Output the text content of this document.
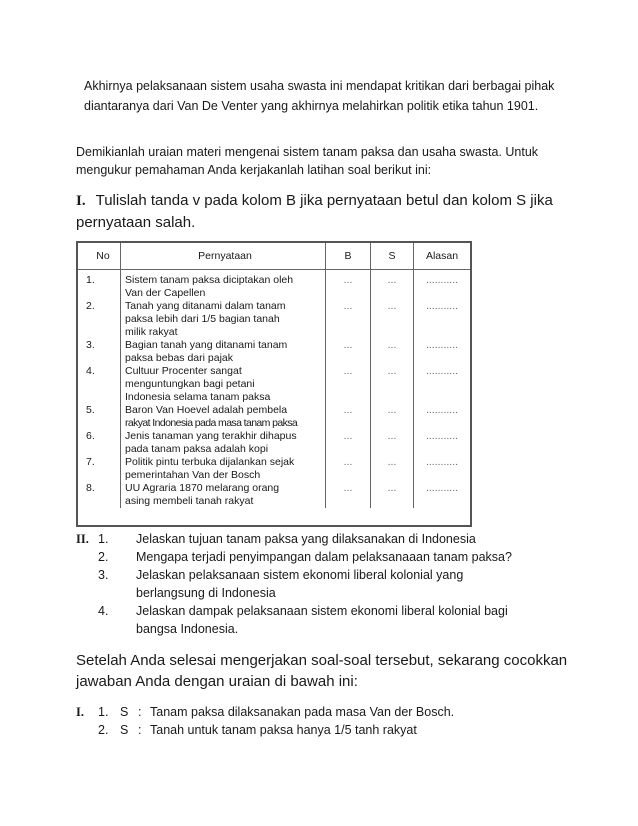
Akhirnya pelaksanaan sistem usaha swasta ini mendapat kritikan dari berbagai pihak diantaranya dari Van De Venter yang akhirnya melahirkan politik etika tahun 1901.
Demikianlah uraian materi mengenai sistem tanam paksa dan usaha swasta. Untuk mengukur pemahaman Anda kerjakanlah latihan soal berikut ini:
I. Tulislah tanda v pada kolom B jika pernyataan betul dan kolom S jika pernyataan salah.
No	Pernyataan	B	S	Alasan
1.	Sistem tanam paksa diciptakan oleh
Van der Capellen	...	...	...........
2.	Tanah yang ditanami dalam tanam
paksa lebih dari 1/5 bagian tanah
milik rakyat	...	...	...........
3.	Bagian tanah yang ditanami tanam
paksa bebas dari pajak	...	...	...........
4.	Cultuur Procenter sangat
menguntungkan bagi petani
Indonesia selama tanam paksa	...	...	...........
5.	Baron Van Hoevel adalah pembela
rakyat Indonesia pada masa tanam paksa	...	...	...........
6.	Jenis tanaman yang terakhir dihapus
pada tanam paksa adalah kopi	...	...	...........
7.	Politik pintu terbuka dijalankan sejak
pemerintahan Van der Bosch	...	...	...........
8.	UU Agraria 1870 melarang orang
asing membeli tanah rakyat	...	...	...........
II. 1.	Jelaskan tujuan tanam paksa yang dilaksanakan di Indonesia
2.	Mengapa terjadi penyimpangan dalam pelaksanaaan tanam paksa?
3.	Jelaskan pelaksanaan sistem ekonomi liberal kolonial yang
berlangsung di Indonesia
4.	Jelaskan dampak pelaksanaan sistem ekonomi liberal kolonial bagi
bangsa Indonesia.
Setelah Anda selesai mengerjakan soal-soal tersebut, sekarang cocokkan jawaban Anda dengan uraian di bawah ini:
I.	1. S : Tanam paksa dilaksanakan pada masa Van der Bosch.
2. S : Tanah untuk tanam paksa hanya 1/5 tanh rakyat
